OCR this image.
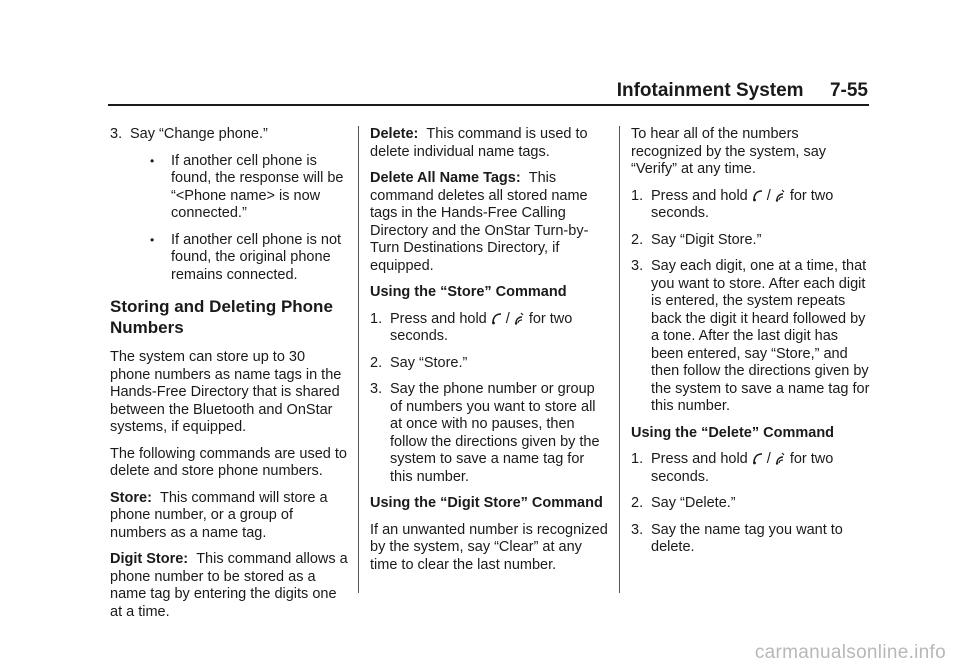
Infotainment System     7-55
3. Say “Change phone.”
•	If another cell phone is found, the response will be “<Phone name> is now connected.”
•	If another cell phone is not found, the original phone remains connected.
Storing and Deleting Phone Numbers

The system can store up to 30 phone numbers as name tags in the Hands-Free Directory that is shared between the Bluetooth and OnStar systems, if equipped.

The following commands are used to delete and store phone numbers.

Store: This command will store a phone number, or a group of numbers as a name tag.

Digit Store: This command allows a phone number to be stored as a name tag by entering the digits one at a time.

Delete: This command is used to delete individual name tags.

Delete All Name Tags: This command deletes all stored name tags in the Hands-Free Calling Directory and the OnStar Turn-by-Turn Destinations Directory, if equipped.

Using the “Store” Command
1. Press and hold / for two seconds.
2. Say “Store.”
3. Say the phone number or group of numbers you want to store all at once with no pauses, then follow the directions given by the system to save a name tag for this number.
Using the “Digit Store” Command

If an unwanted number is recognized by the system, say “Clear” at any time to clear the last number.

To hear all of the numbers recognized by the system, say “Verify” at any time.

1. Press and hold / for two seconds.
2. Say “Digit Store.”
3. Say each digit, one at a time, that you want to store. After each digit is entered, the system repeats back the digit it heard followed by a tone. After the last digit has been entered, say “Store,” and then follow the directions given by the system to save a name tag for this number.
Using the “Delete” Command
1. Press and hold / for two seconds.
2. Say “Delete.”
3. Say the name tag you want to delete.
carmanualsonline.info
